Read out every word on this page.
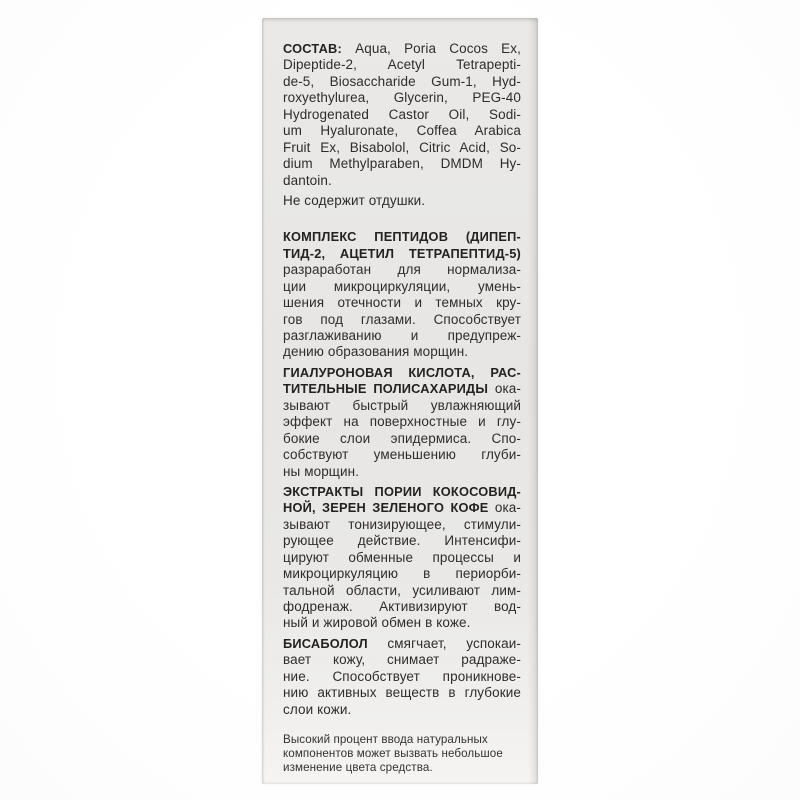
СОСТАВ: Aqua, Poria Cocos Ex,
Dipeptide-2, Acetyl Tetrapepti-
de-5, Biosaccharide Gum-1, Hyd-
roxyethylurea, Glycerin, PEG-40
Hydrogenated Castor Oil, Sodi-
um Hyaluronate, Coffea Arabica
Fruit Ex, Bisabolol, Citric Acid, So-
dium Methylparaben, DMDM Hy-
dantoin.
Не содержит отдушки.
КОМПЛЕКС ПЕПТИДОВ (ДИПЕП-
ТИД-2, АЦЕТИЛ ТЕТРАПЕПТИД-5)
разраработан для нормализа-
ции микроциркуляции, умень-
шения отечности и темных кру-
гов под глазами. Способствует
разглаживанию и предупреж-
дению образования морщин.
ГИАЛУРОНОВАЯ КИСЛОТА, РАС-
ТИТЕЛЬНЫЕ ПОЛИСАХАРИДЫ ока-
зывают быстрый увлажняющий
эффект на поверхностные и глу-
бокие слои эпидермиса. Спо-
собствуют уменьшению глуби-
ны морщин.
ЭКСТРАКТЫ ПОРИИ КОКОСОВИД-
НОЙ, ЗЕРЕН ЗЕЛЕНОГО КОФЕ ока-
зывают тонизирующее, стимули-
рующее действие. Интенсифи-
цируют обменные процессы и
микроциркуляцию в периорби-
тальной области, усиливают лим-
фодренаж. Активизируют вод-
ный и жировой обмен в коже.
БИСАБОЛОЛ смягчает, успокаи-
вает кожу, снимает радраже-
ние. Способствует проникнове-
нию активных веществ в глубокие
слои кожи.
Высокий процент ввода натуральных
компонентов может вызвать небольшое
изменение цвета средства.
